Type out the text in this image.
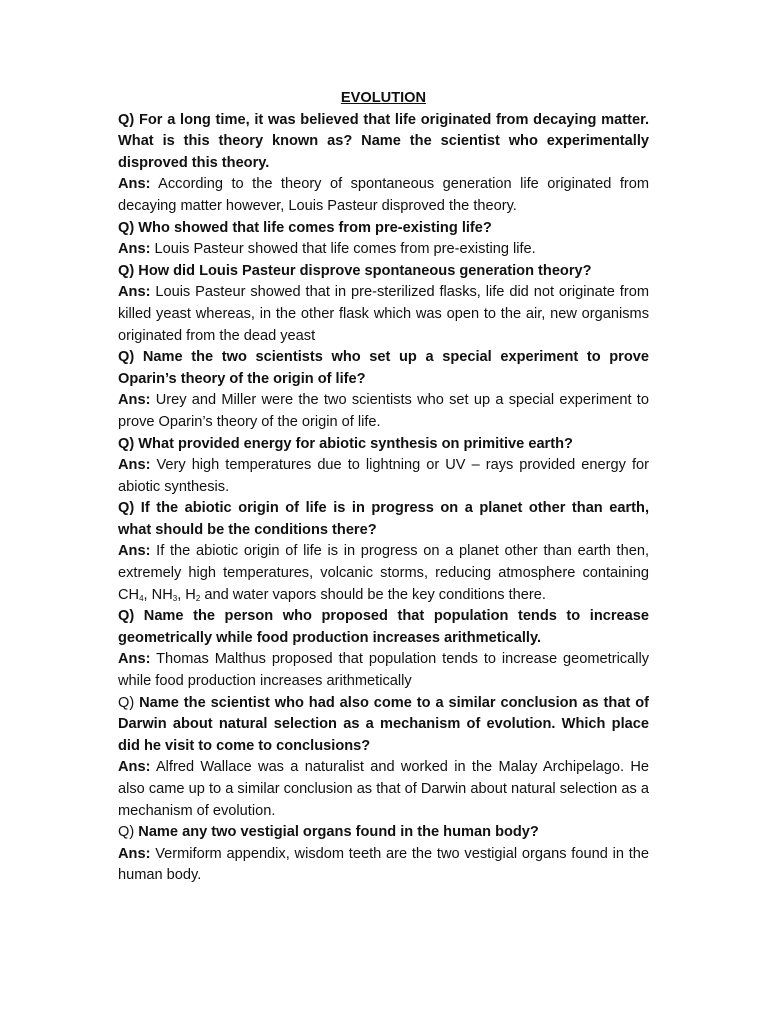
EVOLUTION

Q) For a long time, it was believed that life originated from decaying matter. What is this theory known as? Name the scientist who experimentally disproved this theory.

Ans: According to the theory of spontaneous generation life originated from decaying matter however, Louis Pasteur disproved the theory.

Q) Who showed that life comes from pre-existing life?

Ans: Louis Pasteur showed that life comes from pre-existing life.

Q) How did Louis Pasteur disprove spontaneous generation theory?

Ans: Louis Pasteur showed that in pre-sterilized flasks, life did not originate from killed yeast whereas, in the other flask which was open to the air, new organisms originated from the dead yeast

Q) Name the two scientists who set up a special experiment to prove Oparin’s theory of the origin of life?

Ans: Urey and Miller were the two scientists who set up a special experiment to prove Oparin’s theory of the origin of life.

Q) What provided energy for abiotic synthesis on primitive earth?

Ans: Very high temperatures due to lightning or UV – rays provided energy for abiotic synthesis.

Q) If the abiotic origin of life is in progress on a planet other than earth, what should be the conditions there?

Ans: If the abiotic origin of life is in progress on a planet other than earth then, extremely high temperatures, volcanic storms, reducing atmosphere containing $CH_4$, $NH_3$, $H_2$ and water vapors should be the key conditions there.

Q) Name the person who proposed that population tends to increase geometrically while food production increases arithmetically.

Ans: Thomas Malthus proposed that population tends to increase geometrically while food production increases arithmetically

Q) Name the scientist who had also come to a similar conclusion as that of Darwin about natural selection as a mechanism of evolution. Which place did he visit to come to conclusions?

Ans: Alfred Wallace was a naturalist and worked in the Malay Archipelago. He also came up to a similar conclusion as that of Darwin about natural selection as a mechanism of evolution.

Q) Name any two vestigial organs found in the human body?

Ans: Vermiform appendix, wisdom teeth are the two vestigial organs found in the human body.
